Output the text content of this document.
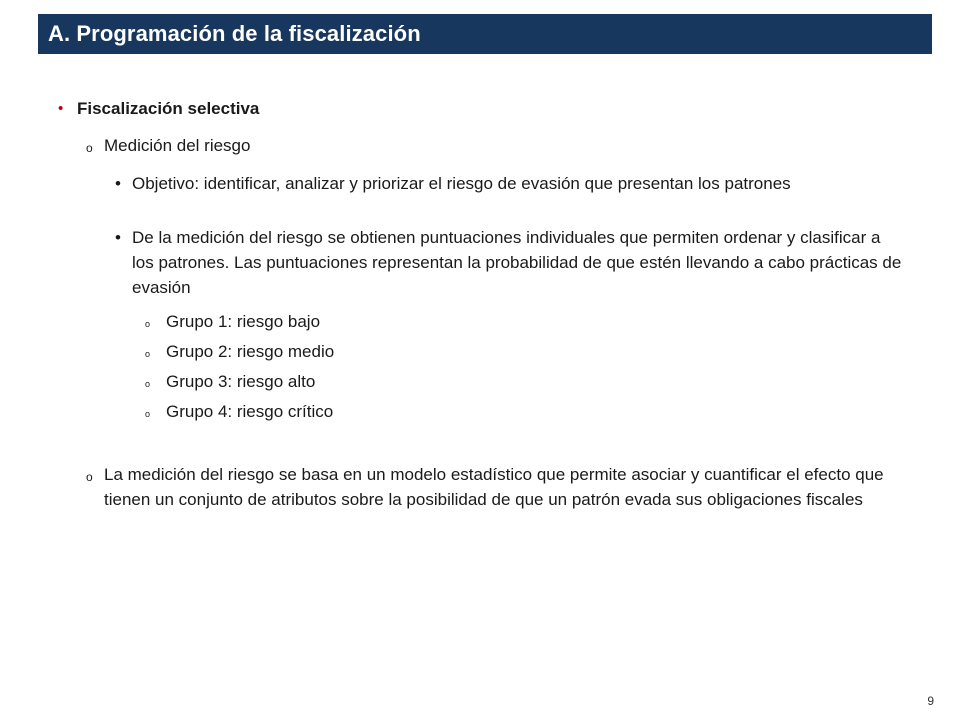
A. Programación de la fiscalización
• Fiscalización selectiva
o Medición del riesgo
• Objetivo: identificar, analizar y priorizar el riesgo de evasión que presentan los patrones
• De la medición del riesgo se obtienen puntuaciones individuales que permiten ordenar y clasificar a los patrones. Las puntuaciones representan la probabilidad de que estén llevando a cabo prácticas de evasión
o Grupo 1: riesgo bajo
o Grupo 2: riesgo medio
o Grupo 3: riesgo alto
o Grupo 4: riesgo crítico
o La medición del riesgo se basa en un modelo estadístico que permite asociar y cuantificar el efecto que tienen un conjunto de atributos sobre la posibilidad de que un patrón evada sus obligaciones fiscales
9
